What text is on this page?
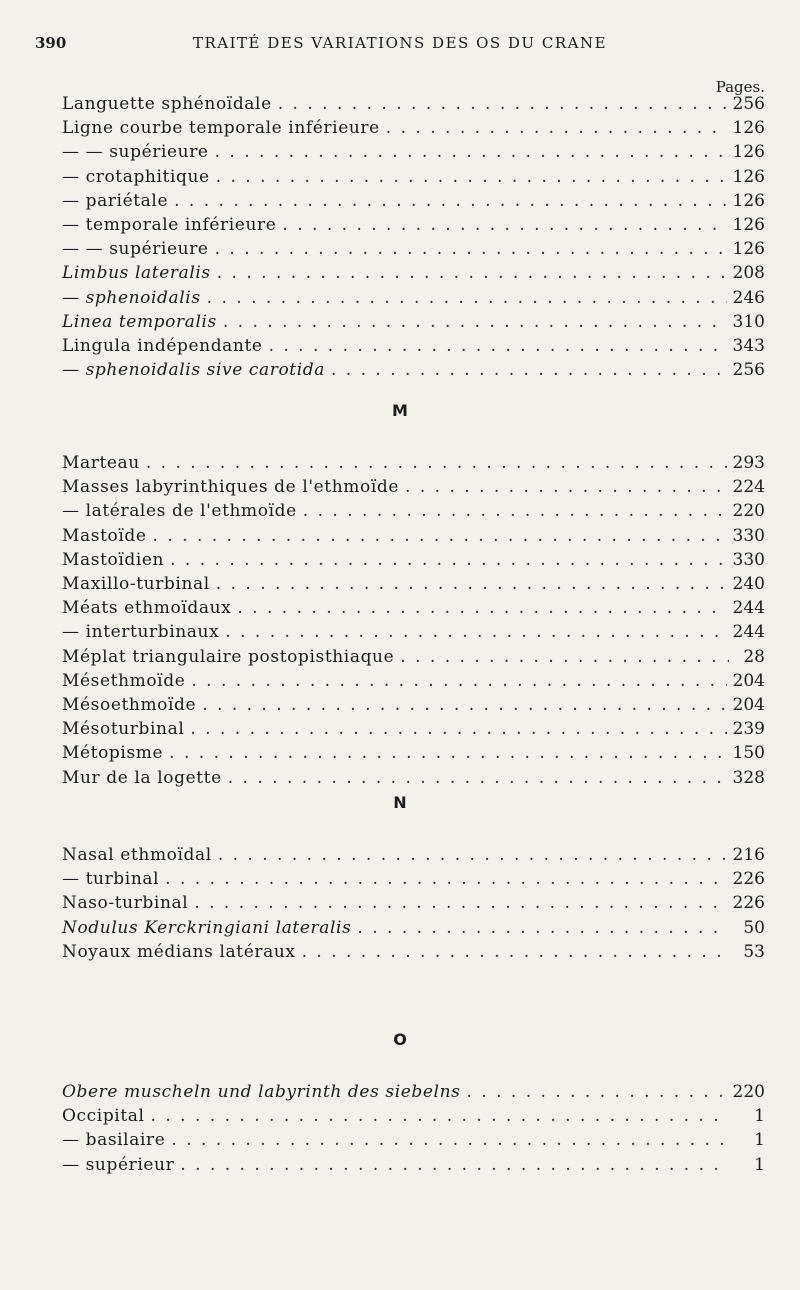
390	TRAITÉ DES VARIATIONS DES OS DU CRANE
Pages.
Languette sphénoïdale . . .	256
Ligne courbe temporale inférieure . . .	126
— — supérieure . . .	126
— crotaphitique . . .	126
— pariétale . . .	126
— temporale inférieure . . .	126
— — supérieure . . .	126
Limbus lateralis . . .	208
— sphenoidalis . . .	246
Linea temporalis . . .	310
Lingula indépendante . . .	343
— sphenoidalis sive carotida . . .	256
M
Marteau . . .	293
Masses labyrinthiques de l'ethmoïde . . .	224
— latérales de l'ethmoïde . . .	220
Mastoïde . . .	330
Mastoïdien . . .	330
Maxillo-turbinal . . .	240
Méats ethmoïdaux . . .	244
— interturbinaux . . .	244
Méplat triangulaire postopisthiaque . . .	28
Mésethmoïde . . .	204
Mésoethmoïde . . .	204
Mésoturbinal . . .	239
Métopisme . . .	150
Mur de la logette . . .	328
N
Nasal ethmoïdal . . .	216
— turbinal . . .	226
Naso-turbinal . . .	226
Nodulus Kerckringiani lateralis . . .	50
Noyaux médians latéraux . . .	53
O
Obere muscheln und labyrinth des siebelns . . .	220
Occipital . . .	1
— basilaire . . .	1
— supérieur . . .	1
